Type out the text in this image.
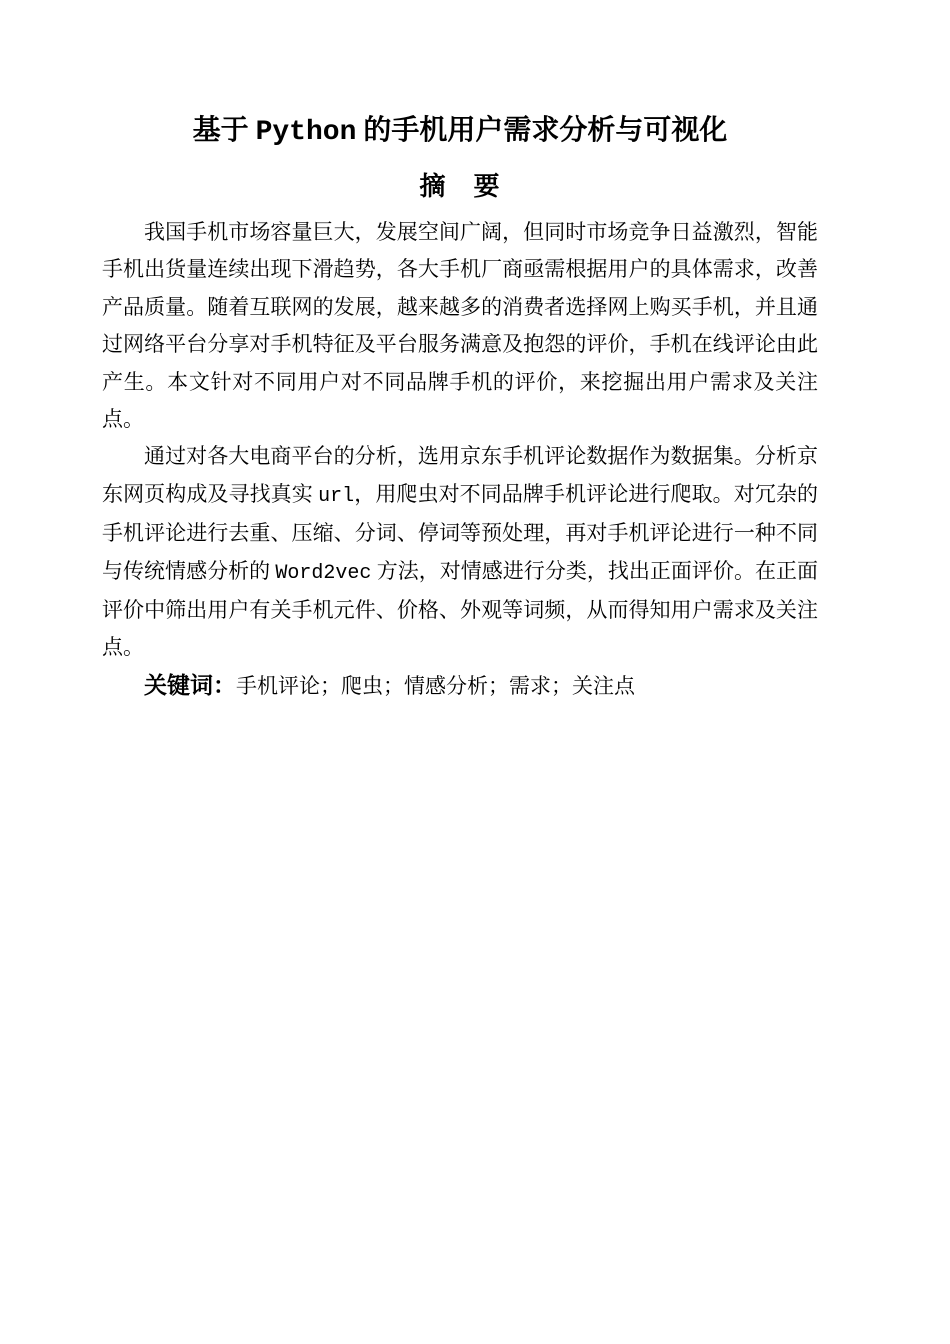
基于 Python 的手机用户需求分析与可视化
摘　要

我国手机市场容量巨大，发展空间广阔，但同时市场竞争日益激烈，智能手机出货量连续出现下滑趋势，各大手机厂商亟需根据用户的具体需求，改善产品质量。随着互联网的发展，越来越多的消费者选择网上购买手机，并且通过网络平台分享对手机特征及平台服务满意及抱怨的评价，手机在线评论由此产生。本文针对不同用户对不同品牌手机的评价，来挖掘出用户需求及关注点。

通过对各大电商平台的分析，选用京东手机评论数据作为数据集。分析京东网页构成及寻找真实 url，用爬虫对不同品牌手机评论进行爬取。对冗杂的手机评论进行去重、压缩、分词、停词等预处理，再对手机评论进行一种不同与传统情感分析的 Word2vec 方法，对情感进行分类，找出正面评价。在正面评价中筛出用户有关手机元件、价格、外观等词频，从而得知用户需求及关注点。

关键词：手机评论；爬虫；情感分析；需求；关注点
